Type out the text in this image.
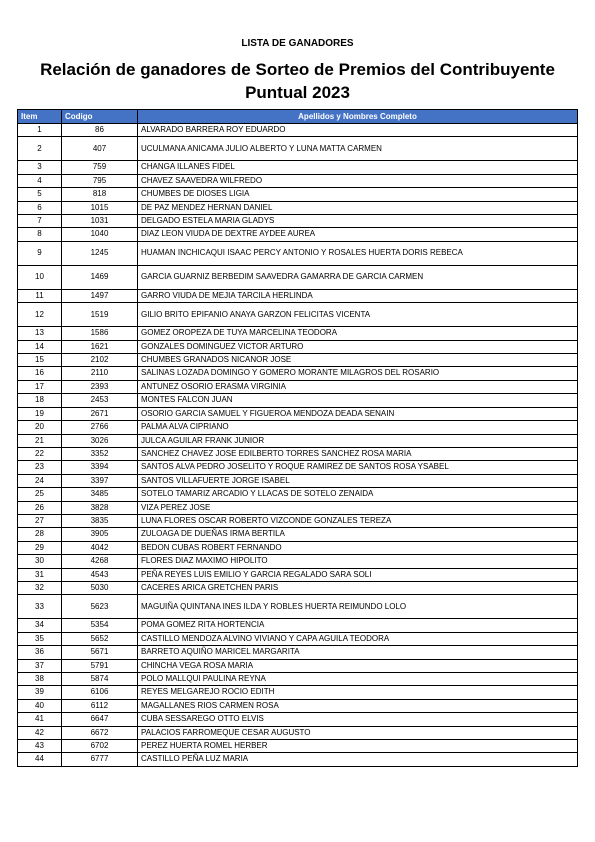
LISTA DE GANADORES
Relación de ganadores de Sorteo de Premios del Contribuyente
Puntual 2023
Item	Codigo	Apellidos y Nombres Completo
1	86	ALVARADO BARRERA ROY EDUARDO
2	407	UCULMANA ANICAMA JULIO ALBERTO Y LUNA MATTA CARMEN
3	759	CHANGA ILLANES FIDEL
4	795	CHAVEZ SAAVEDRA WILFREDO
5	818	CHUMBES DE DIOSES LIGIA
6	1015	DE PAZ MENDEZ HERNAN DANIEL
7	1031	DELGADO ESTELA MARIA GLADYS
8	1040	DIAZ LEON VIUDA DE DEXTRE AYDEE AUREA
9	1245	HUAMAN INCHICAQUI ISAAC PERCY ANTONIO Y ROSALES HUERTA DORIS REBECA
10	1469	GARCIA GUARNIZ BERBEDIM SAAVEDRA GAMARRA DE GARCIA CARMEN
11	1497	GARRO VIUDA DE MEJIA TARCILA HERLINDA
12	1519	GILIO BRITO EPIFANIO ANAYA GARZON FELICITAS VICENTA
13	1586	GOMEZ OROPEZA DE TUYA MARCELINA TEODORA
14	1621	GONZALES DOMINGUEZ VICTOR ARTURO
15	2102	CHUMBES GRANADOS NICANOR JOSE
16	2110	SALINAS LOZADA DOMINGO Y GOMERO MORANTE MILAGROS DEL ROSARIO
17	2393	ANTUNEZ OSORIO ERASMA VIRGINIA
18	2453	MONTES FALCON JUAN
19	2671	OSORIO GARCIA SAMUEL Y FIGUEROA MENDOZA DEADA SENAIN
20	2766	PALMA ALVA CIPRIANO
21	3026	JULCA AGUILAR FRANK JUNIOR
22	3352	SANCHEZ CHAVEZ JOSE EDILBERTO TORRES SANCHEZ ROSA MARIA
23	3394	SANTOS ALVA PEDRO JOSELITO Y ROQUE RAMIREZ DE SANTOS ROSA YSABEL
24	3397	SANTOS VILLAFUERTE JORGE ISABEL
25	3485	SOTELO TAMARIZ ARCADIO Y LLACAS DE SOTELO ZENAIDA
26	3828	VIZA PEREZ JOSE
27	3835	LUNA FLORES OSCAR ROBERTO VIZCONDE GONZALES TEREZA
28	3905	ZULOAGA DE DUEÑAS IRMA BERTILA
29	4042	BEDON CUBAS ROBERT FERNANDO
30	4268	FLORES DIAZ MAXIMO HIPOLITO
31	4543	PEÑA REYES LUIS EMILIO Y GARCIA REGALADO SARA SOLI
32	5030	CACERES ARICA GRETCHEN PARIS
33	5623	MAGUIÑA QUINTANA INES ILDA Y ROBLES HUERTA REIMUNDO LOLO
34	5354	POMA GOMEZ RITA HORTENCIA
35	5652	CASTILLO MENDOZA ALVINO VIVIANO Y CAPA AGUILA TEODORA
36	5671	BARRETO AQUIÑO MARICEL MARGARITA
37	5791	CHINCHA VEGA ROSA MARIA
38	5874	POLO MALLQUI PAULINA REYNA
39	6106	REYES MELGAREJO ROCIO EDITH
40	6112	MAGALLANES RIOS CARMEN ROSA
41	6647	CUBA SESSAREGO OTTO ELVIS
42	6672	PALACIOS FARROMEQUE CESAR AUGUSTO
43	6702	PEREZ HUERTA ROMEL HERBER
44	6777	CASTILLO PEÑA LUZ MARIA
